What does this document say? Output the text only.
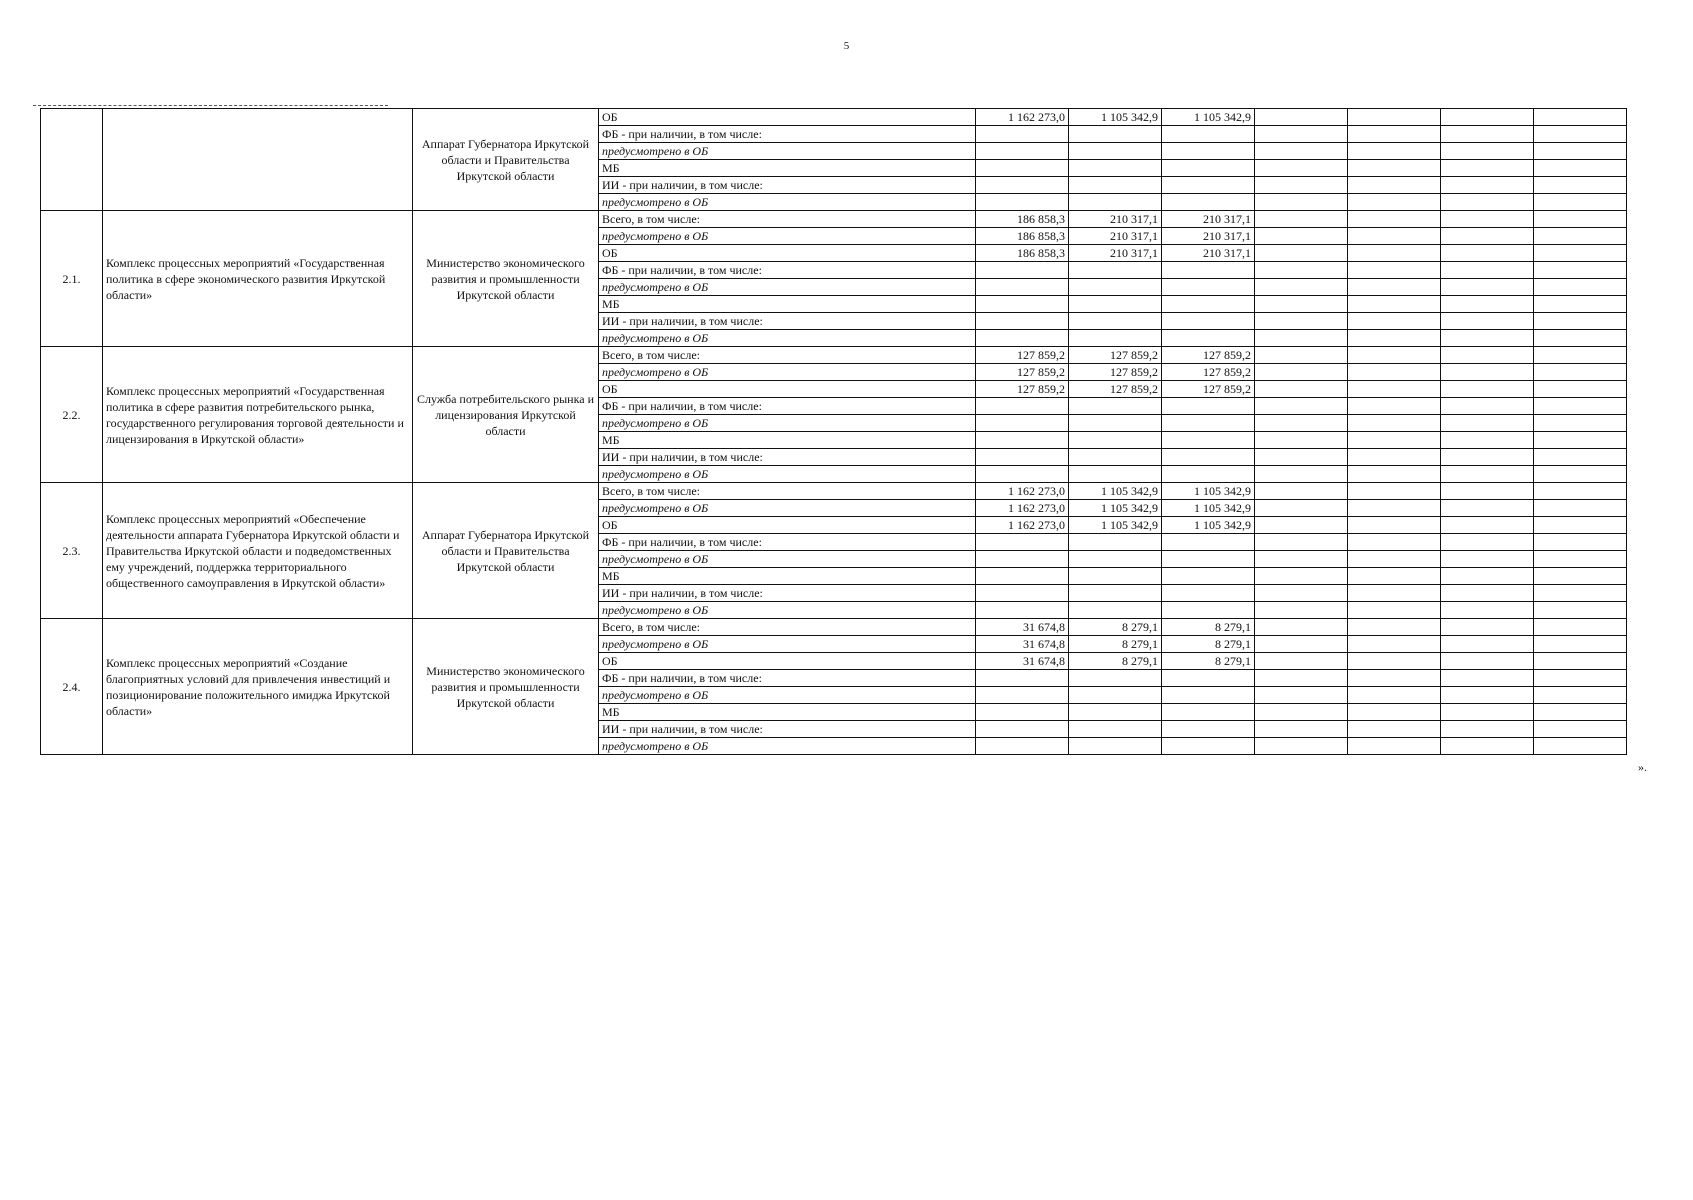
5
		Аппарат Губернатора Иркутской области и Правительства Иркутской области	ОБ	1 162 273,0	1 105 342,9	1 105 342,9				
			ФБ - при наличии, в том числе:							
			предусмотрено в ОБ							
			МБ							
			ИИ - при наличии, в том числе:							
			предусмотрено в ОБ							
2.1.	Комплекс процессных мероприятий «Государственная политика в сфере экономического развития Иркутской области»	Министерство экономического развития и промышленности Иркутской области	Всего, в том числе:	186 858,3	210 317,1	210 317,1				
			предусмотрено в ОБ	186 858,3	210 317,1	210 317,1				
			ОБ	186 858,3	210 317,1	210 317,1				
			ФБ - при наличии, в том числе:							
			предусмотрено в ОБ							
			МБ							
			ИИ - при наличии, в том числе:							
			предусмотрено в ОБ							
2.2.	Комплекс процессных мероприятий «Государственная политика в сфере развития потребительского рынка, государственного регулирования торговой деятельности и лицензирования в Иркутской области»	Служба потребительского рынка и лицензирования Иркутской области	Всего, в том числе:	127 859,2	127 859,2	127 859,2				
			предусмотрено в ОБ	127 859,2	127 859,2	127 859,2				
			ОБ	127 859,2	127 859,2	127 859,2				
			ФБ - при наличии, в том числе:							
			предусмотрено в ОБ							
			МБ							
			ИИ - при наличии, в том числе:							
			предусмотрено в ОБ							
2.3.	Комплекс процессных мероприятий «Обеспечение деятельности аппарата Губернатора Иркутской области и Правительства Иркутской области и подведомственных ему учреждений, поддержка территориального общественного самоуправления в Иркутской области»	Аппарат Губернатора Иркутской области и Правительства Иркутской области	Всего, в том числе:	1 162 273,0	1 105 342,9	1 105 342,9				
			предусмотрено в ОБ	1 162 273,0	1 105 342,9	1 105 342,9				
			ОБ	1 162 273,0	1 105 342,9	1 105 342,9				
			ФБ - при наличии, в том числе:							
			предусмотрено в ОБ							
			МБ							
			ИИ - при наличии, в том числе:							
			предусмотрено в ОБ							
2.4.	Комплекс процессных мероприятий «Создание благоприятных условий для привлечения инвестиций и позиционирование положительного имиджа Иркутской области»	Министерство экономического развития и промышленности Иркутской области	Всего, в том числе:	31 674,8	8 279,1	8 279,1				
			предусмотрено в ОБ	31 674,8	8 279,1	8 279,1				
			ОБ	31 674,8	8 279,1	8 279,1				
			ФБ - при наличии, в том числе:							
			предусмотрено в ОБ							
			МБ							
			ИИ - при наличии, в том числе:							
			предусмотрено в ОБ							
».
